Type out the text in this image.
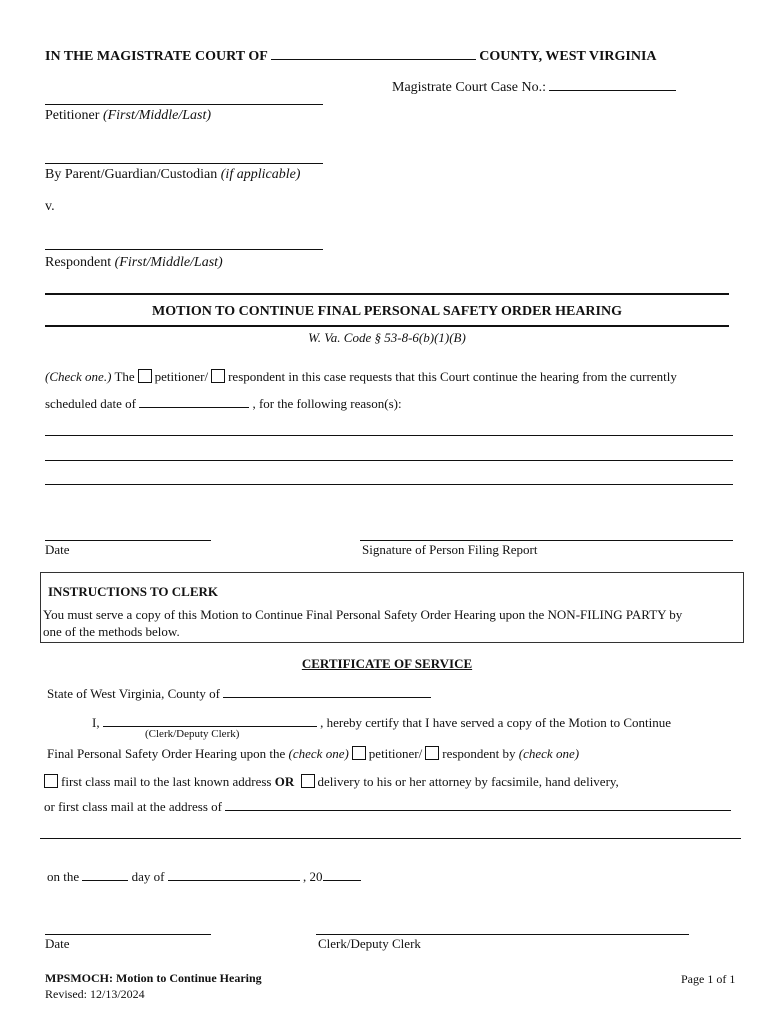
IN THE MAGISTRATE COURT OF	COUNTY, WEST VIRGINIA
Magistrate Court Case No.:
Petitioner (First/Middle/Last)
By Parent/Guardian/Custodian (if applicable)
v.
Respondent (First/Middle/Last)
MOTION TO CONTINUE FINAL PERSONAL SAFETY ORDER HEARING
W. Va. Code § 53-8-6(b)(1)(B)
(Check one.) The petitioner/ respondent in this case requests that this Court continue the hearing from the currently
scheduled date of	, for the following reason(s):
Date	Signature of Person Filing Report
INSTRUCTIONS TO CLERK
You must serve a copy of this Motion to Continue Final Personal Safety Order Hearing upon the NON-FILING PARTY by
one of the methods below.
CERTIFICATE OF SERVICE
State of West Virginia, County of
I,	, hereby certify that I have served a copy of the Motion to Continue
(Clerk/Deputy Clerk)
Final Personal Safety Order Hearing upon the (check one) petitioner/ respondent by (check one)
first class mail to the last known address OR delivery to his or her attorney by facsimile, hand delivery,
or first class mail at the address of
on the	day of	, 20
Date	Clerk/Deputy Clerk
MPSMOCH: Motion to Continue Hearing
Revised: 12/13/2024
Page 1 of 1
